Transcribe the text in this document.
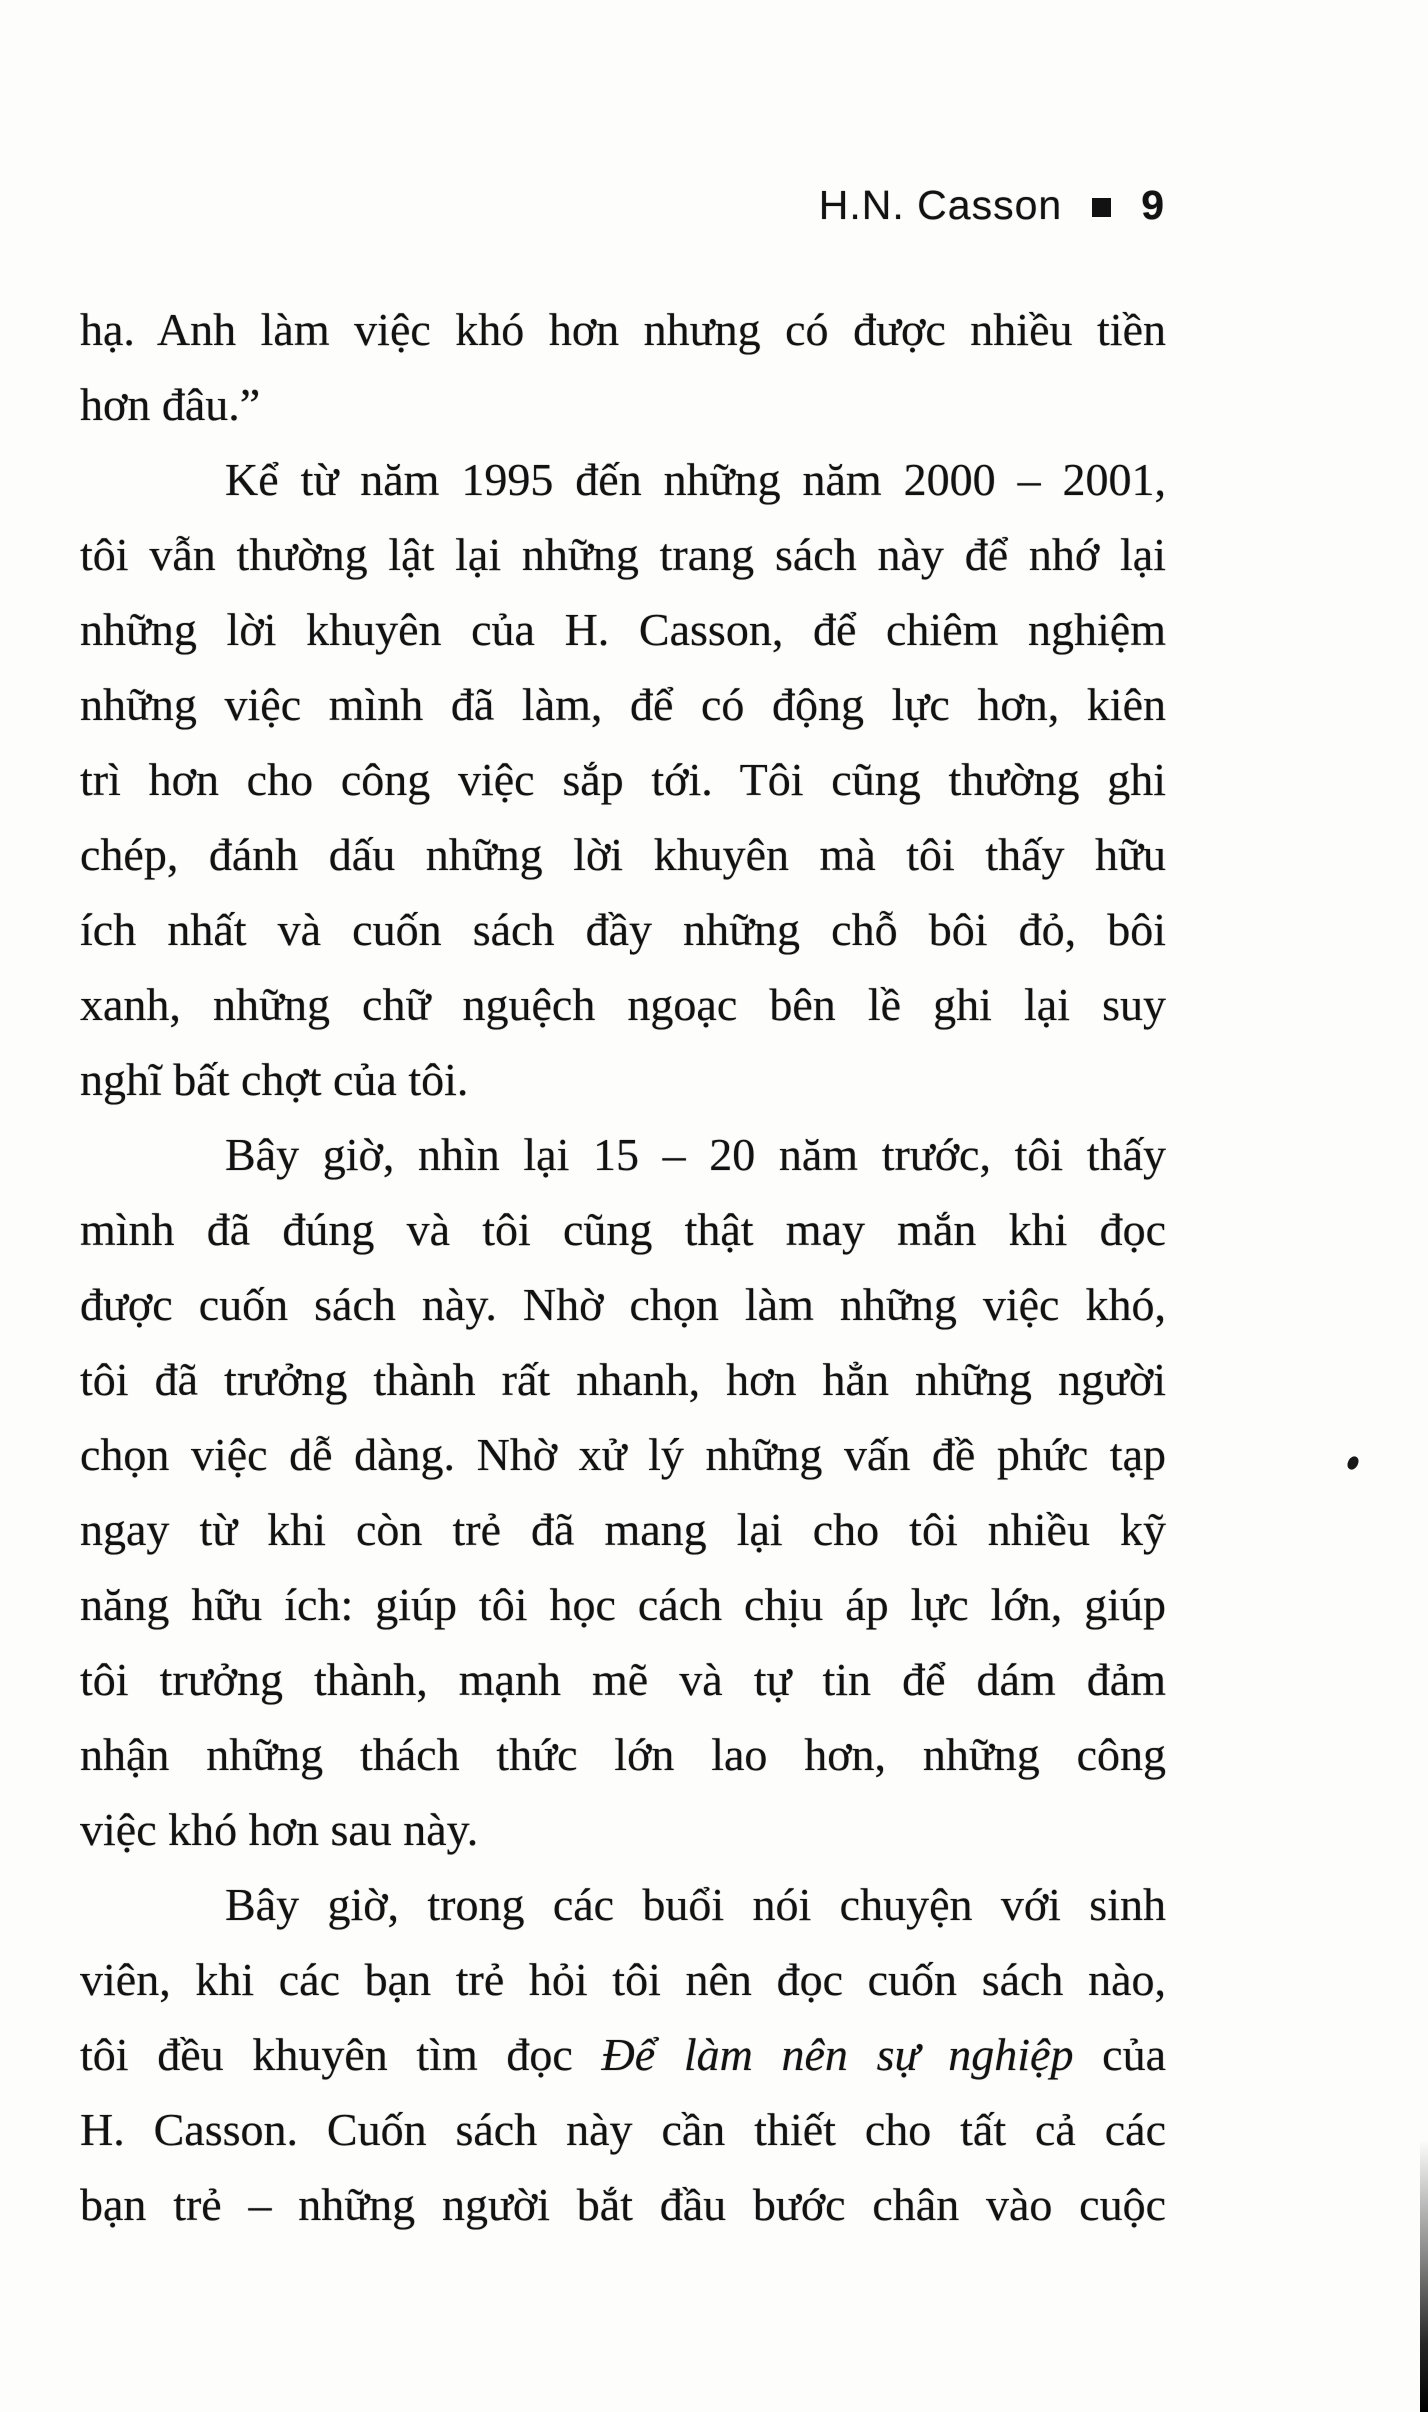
H.N. Casson 9
hạ. Anh làm việc khó hơn nhưng có được nhiều tiền
hơn đâu.”
Kể từ năm 1995 đến những năm 2000 – 2001,
tôi vẫn thường lật lại những trang sách này để nhớ lại
những lời khuyên của H. Casson, để chiêm nghiệm
những việc mình đã làm, để có động lực hơn, kiên
trì hơn cho công việc sắp tới. Tôi cũng thường ghi
chép, đánh dấu những lời khuyên mà tôi thấy hữu
ích nhất và cuốn sách đầy những chỗ bôi đỏ, bôi
xanh, những chữ nguệch ngoạc bên lề ghi lại suy
nghĩ bất chợt của tôi.
Bây giờ, nhìn lại 15 – 20 năm trước, tôi thấy
mình đã đúng và tôi cũng thật may mắn khi đọc
được cuốn sách này. Nhờ chọn làm những việc khó,
tôi đã trưởng thành rất nhanh, hơn hẳn những người
chọn việc dễ dàng. Nhờ xử lý những vấn đề phức tạp
ngay từ khi còn trẻ đã mang lại cho tôi nhiều kỹ
năng hữu ích: giúp tôi học cách chịu áp lực lớn, giúp
tôi trưởng thành, mạnh mẽ và tự tin để dám đảm
nhận những thách thức lớn lao hơn, những công
việc khó hơn sau này.
Bây giờ, trong các buổi nói chuyện với sinh
viên, khi các bạn trẻ hỏi tôi nên đọc cuốn sách nào,
tôi đều khuyên tìm đọc Để làm nên sự nghiệp của
H. Casson. Cuốn sách này cần thiết cho tất cả các
bạn trẻ – những người bắt đầu bước chân vào cuộc
